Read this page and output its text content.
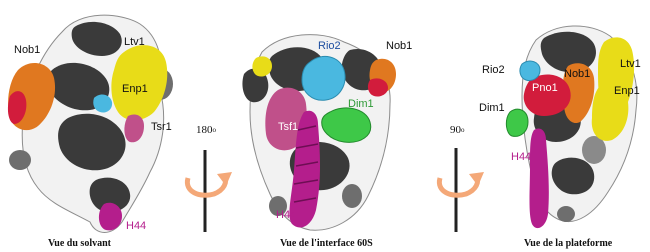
Nob1
Ltv1
Enp1
Tsr1
H44
Vue du solvant
180$^o$	90$^o$
Rio2	Nob1
Dim1
Tsf1
H44
Vue de l'interface 60S
Rio2	Nob1
Ltv1
Pno1	Enp1
Dim1
H44
Vue de la plateforme
